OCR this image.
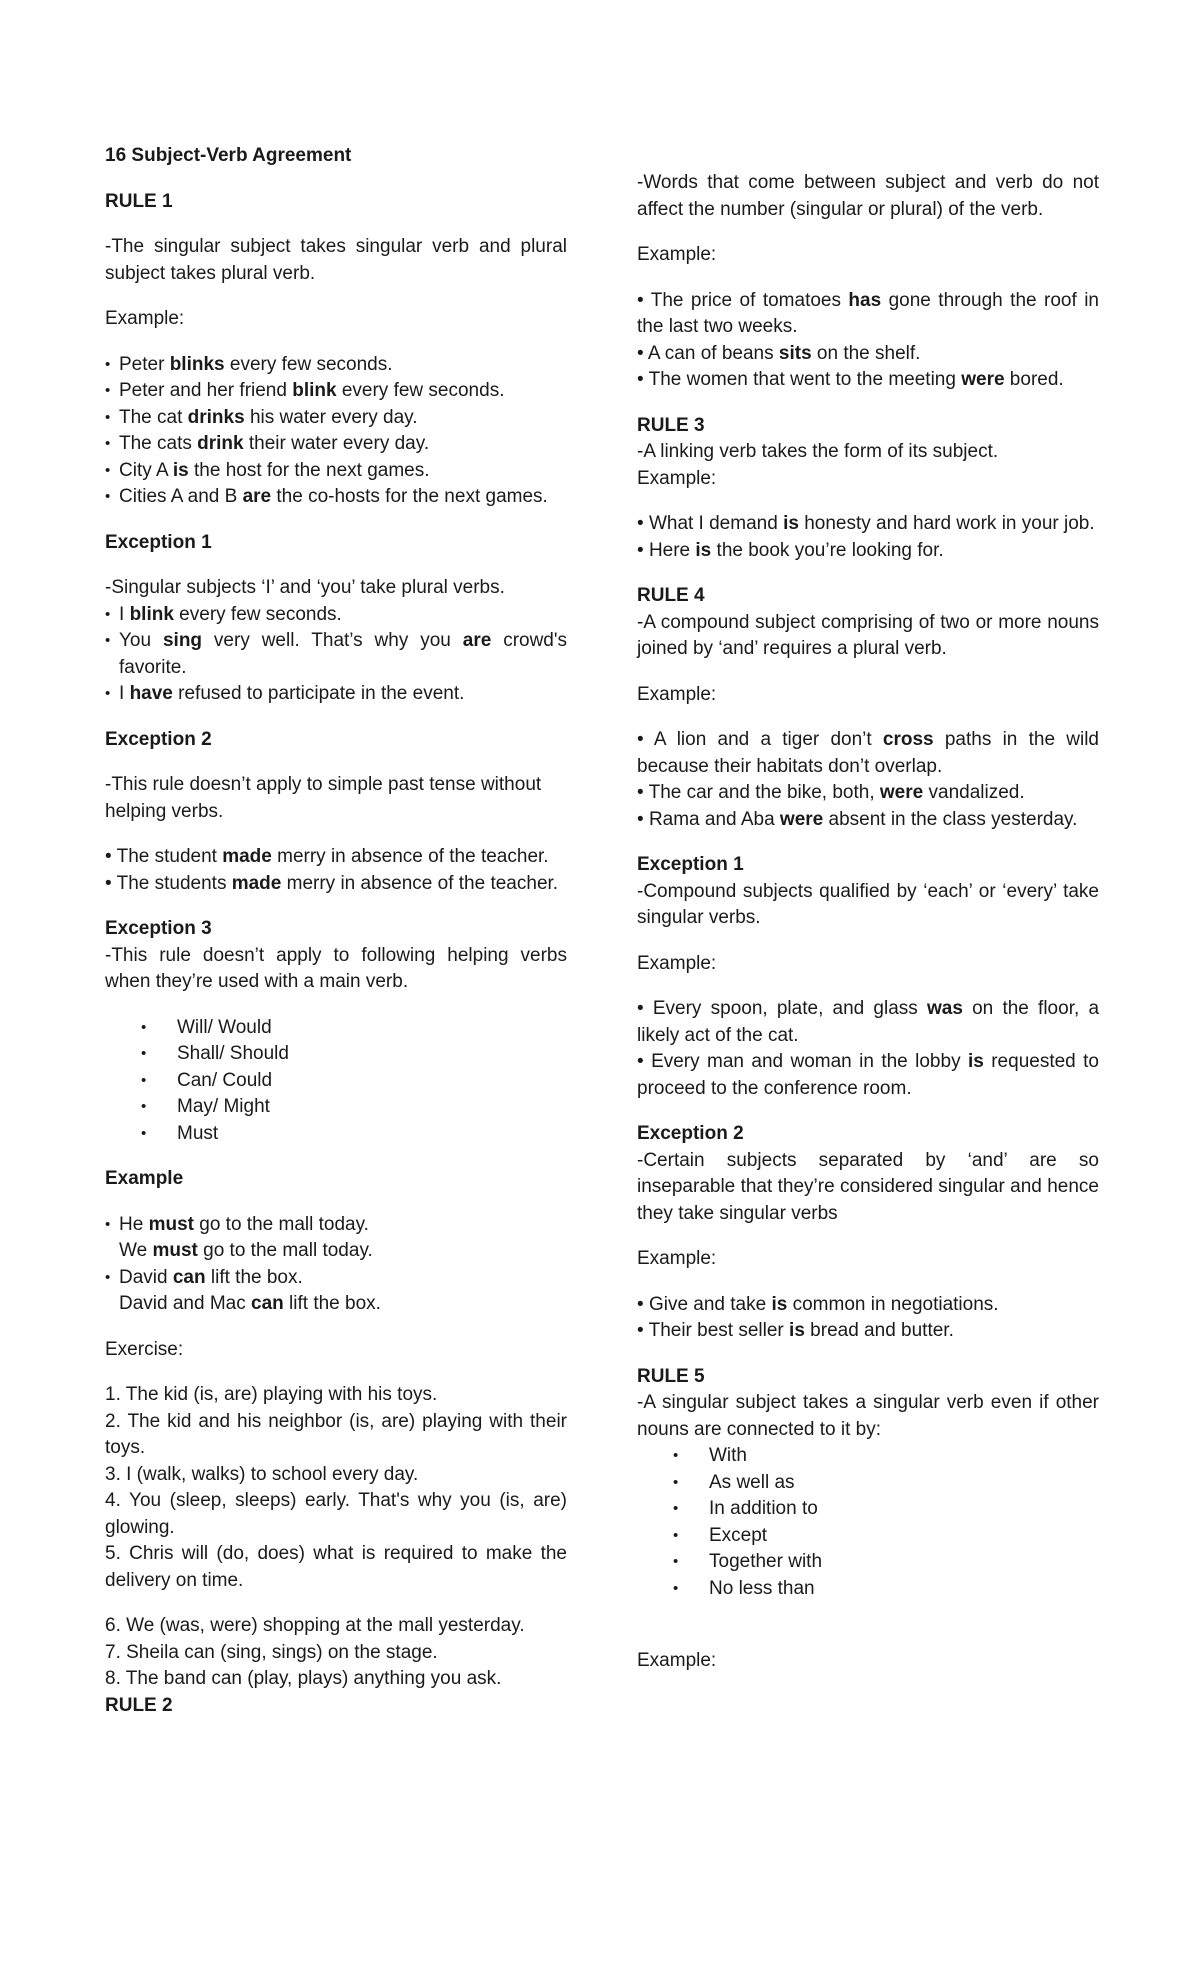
16 Subject-Verb Agreement

RULE 1

-The singular subject takes singular verb and plural subject takes plural verb.

Example:

• Peter blinks every few seconds.

• Peter and her friend blink every few seconds.

• The cat drinks his water every day.

• The cats drink their water every day.

• City A is the host for the next games.

• Cities A and B are the co-hosts for the next games.

Exception 1

-Singular subjects ‘I’ and ‘you’ take plural verbs.

• I blink every few seconds.

• You sing very well. That’s why you are crowd's favorite.

• I have refused to participate in the event.

Exception 2

-This rule doesn’t apply to simple past tense without helping verbs.

• The student made merry in absence of the teacher.

• The students made merry in absence of the teacher.

Exception 3

-This rule doesn’t apply to following helping verbs when they’re used with a main verb.

• Will/ Would

• Shall/ Should

• Can/ Could

• May/ Might

• Must

Example

• He must go to the mall today.

We must go to the mall today.

• David can lift the box.

David and Mac can lift the box.

Exercise:

1. The kid (is, are) playing with his toys.

2. The kid and his neighbor (is, are) playing with their toys.

3. I (walk, walks) to school every day.

4. You (sleep, sleeps) early. That's why you (is, are) glowing.

5. Chris will (do, does) what is required to make the delivery on time.

6. We (was, were) shopping at the mall yesterday.

7. Sheila can (sing, sings) on the stage.

8. The band can (play, plays) anything you ask.

RULE 2

-Words that come between subject and verb do not affect the number (singular or plural) of the verb.

Example:

• The price of tomatoes has gone through the roof in the last two weeks.

• A can of beans sits on the shelf.

• The women that went to the meeting were bored.

RULE 3

-A linking verb takes the form of its subject.

Example:

• What I demand is honesty and hard work in your job.

• Here is the book you’re looking for.

RULE 4

-A compound subject comprising of two or more nouns joined by ‘and’ requires a plural verb.

Example:

• A lion and a tiger don’t cross paths in the wild because their habitats don’t overlap.

• The car and the bike, both, were vandalized.

• Rama and Aba were absent in the class yesterday.

Exception 1

-Compound subjects qualified by ‘each’ or ‘every’ take singular verbs.

Example:

• Every spoon, plate, and glass was on the floor, a likely act of the cat.

• Every man and woman in the lobby is requested to proceed to the conference room.

Exception 2

-Certain subjects separated by ‘and’ are so inseparable that they’re considered singular and hence they take singular verbs

Example:

• Give and take is common in negotiations.

• Their best seller is bread and butter.

RULE 5

-A singular subject takes a singular verb even if other nouns are connected to it by:

• With

• As well as

• In addition to

• Except

• Together with

• No less than

Example:
